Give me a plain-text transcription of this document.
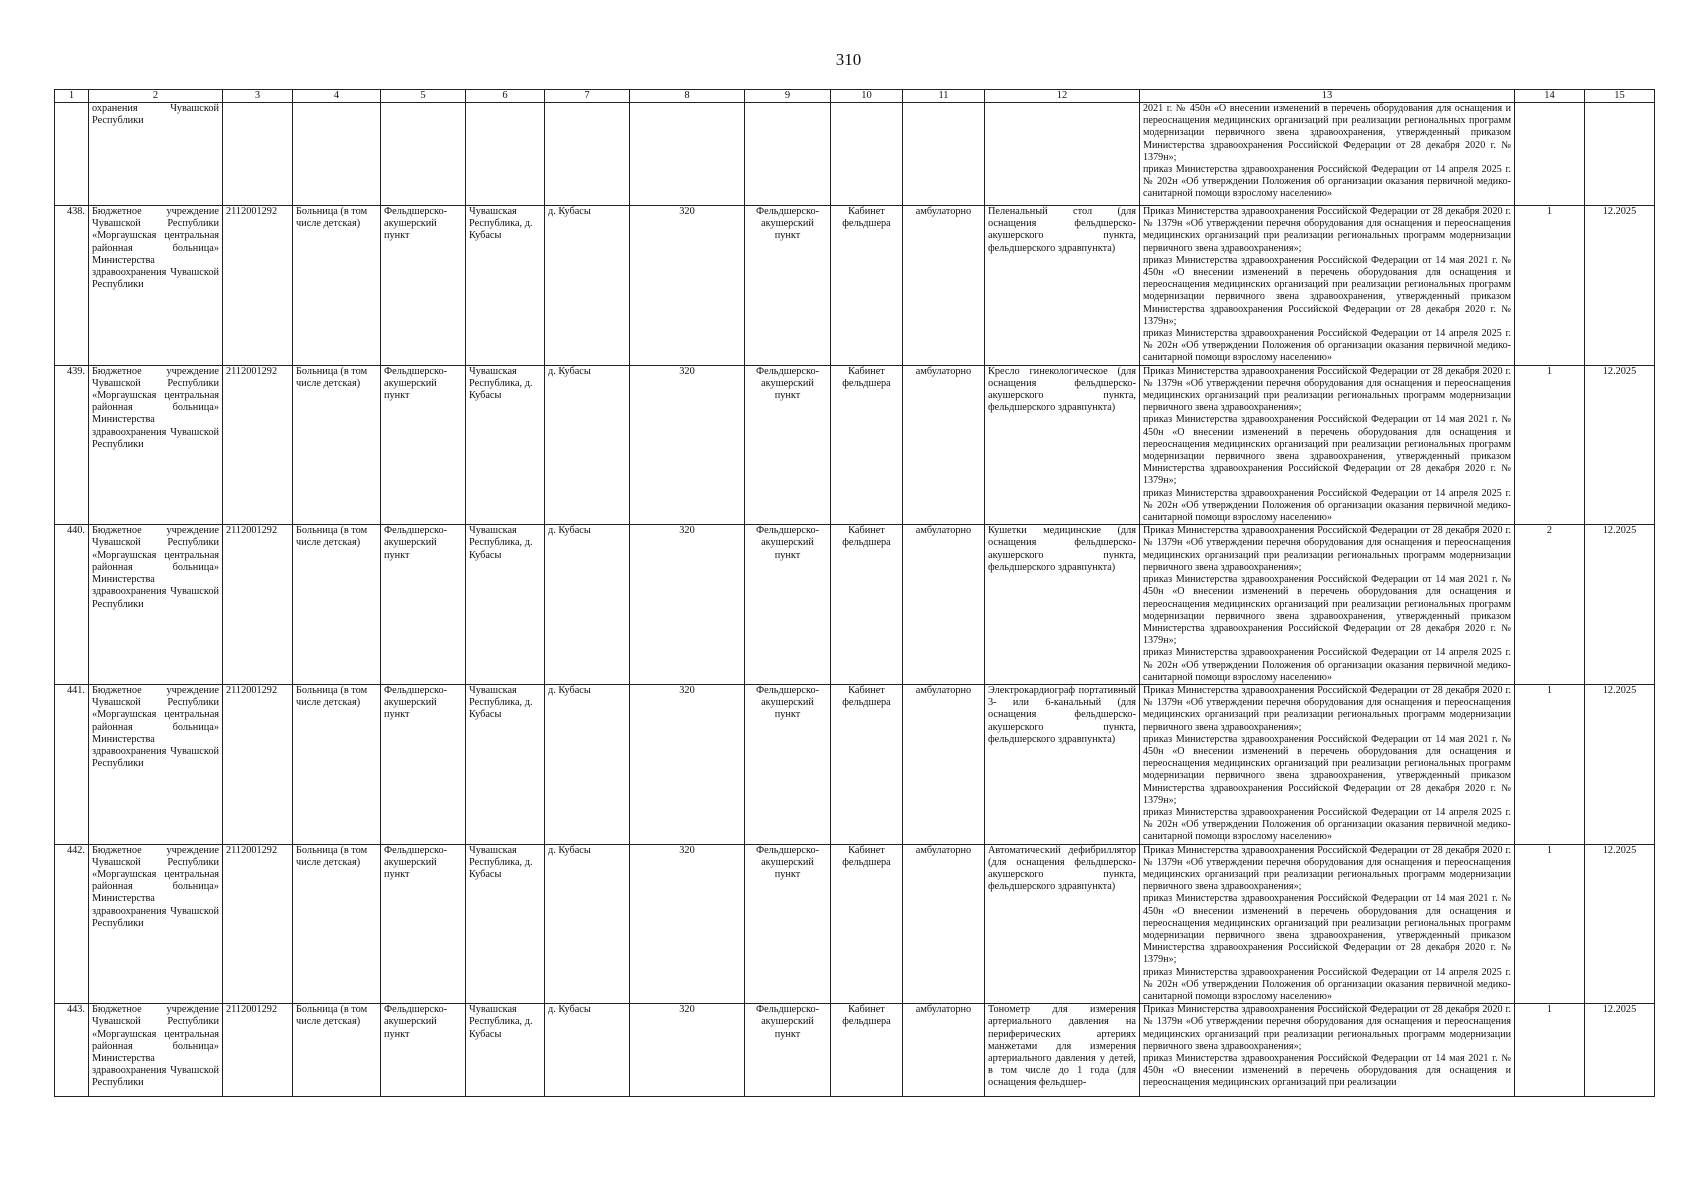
310
1	2	3	4	5	6	7	8	9	10	11	12	13	14	15
	охранения Чувашской Республики											2021 г. № 450н «О внесении изменений в перечень оборудования для оснащения и переоснащения медицинских организаций при реализации региональных программ модернизации первичного звена здравоохранения, утвержденный приказом Министерства здравоохранения Российской Федерации от 28 декабря 2020 г. № 1379н»;
приказ Министерства здравоохранения Российской Федерации от 14 апреля 2025 г. № 202н «Об утверждении Положения об организации оказания первичной медико-санитарной помощи взрослому населению»		

438.	Бюджетное учреждение Чувашской Республики «Моргаушская центральная районная больница» Министерства здравоохранения Чувашской Республики	2112001292	Больница (в том числе детская)	Фельдшерско-акушерский пункт	Чувашская Республика, д. Кубасы	д. Кубасы	320	Фельдшерско-акушерский пункт	Кабинет фельдшера	амбулаторно	Пеленальный стол (для оснащения фельдшерско-акушерского пункта, фельдшерского здравпункта)	Приказ Министерства здравоохранения Российской Федерации от 28 декабря 2020 г. № 1379н «Об утверждении перечня оборудования для оснащения и переоснащения медицинских организаций при реализации региональных программ модернизации первичного звена здравоохранения»;
приказ Министерства здравоохранения Российской Федерации от 14 мая 2021 г. № 450н «О внесении изменений в перечень оборудования для оснащения и переоснащения медицинских организаций при реализации региональных программ модернизации первичного звена здравоохранения, утвержденный приказом Министерства здравоохранения Российской Федерации от 28 декабря 2020 г. № 1379н»;
приказ Министерства здравоохранения Российской Федерации от 14 апреля 2025 г. № 202н «Об утверждении Положения об организации оказания первичной медико-санитарной помощи взрослому населению»	1	12.2025
439.	Бюджетное учреждение Чувашской Республики «Моргаушская центральная районная больница» Министерства здравоохранения Чувашской Республики	2112001292	Больница (в том числе детская)	Фельдшерско-акушерский пункт	Чувашская Республика, д. Кубасы	д. Кубасы	320	Фельдшерско-акушерский пункт	Кабинет фельдшера	амбулаторно	Кресло гинекологическое (для оснащения фельдшерско-акушерского пункта, фельдшерского здравпункта)	Приказ Министерства здравоохранения Российской Федерации от 28 декабря 2020 г. № 1379н «Об утверждении перечня оборудования для оснащения и переоснащения медицинских организаций при реализации региональных программ модернизации первичного звена здравоохранения»;
приказ Министерства здравоохранения Российской Федерации от 14 мая 2021 г. № 450н «О внесении изменений в перечень оборудования для оснащения и переоснащения медицинских организаций при реализации региональных программ модернизации первичного звена здравоохранения, утвержденный приказом Министерства здравоохранения Российской Федерации от 28 декабря 2020 г. № 1379н»;
приказ Министерства здравоохранения Российской Федерации от 14 апреля 2025 г. № 202н «Об утверждении Положения об организации оказания первичной медико-санитарной помощи взрослому населению»	1	12.2025
440.	Бюджетное учреждение Чувашской Республики «Моргаушская центральная районная больница» Министерства здравоохранения Чувашской Республики	2112001292	Больница (в том числе детская)	Фельдшерско-акушерский пункт	Чувашская Республика, д. Кубасы	д. Кубасы	320	Фельдшерско-акушерский пункт	Кабинет фельдшера	амбулаторно	Кушетки медицинские (для оснащения фельдшерско-акушерского пункта, фельдшерского здравпункта)	Приказ Министерства здравоохранения Российской Федерации от 28 декабря 2020 г. № 1379н «Об утверждении перечня оборудования для оснащения и переоснащения медицинских организаций при реализации региональных программ модернизации первичного звена здравоохранения»;
приказ Министерства здравоохранения Российской Федерации от 14 мая 2021 г. № 450н «О внесении изменений в перечень оборудования для оснащения и переоснащения медицинских организаций при реализации региональных программ модернизации первичного звена здравоохранения, утвержденный приказом Министерства здравоохранения Российской Федерации от 28 декабря 2020 г. № 1379н»;
приказ Министерства здравоохранения Российской Федерации от 14 апреля 2025 г. № 202н «Об утверждении Положения об организации оказания первичной медико-санитарной помощи взрослому населению»	2	12.2025
441.	Бюджетное учреждение Чувашской Республики «Моргаушская центральная районная больница» Министерства здравоохранения Чувашской Республики	2112001292	Больница (в том числе детская)	Фельдшерско-акушерский пункт	Чувашская Республика, д. Кубасы	д. Кубасы	320	Фельдшерско-акушерский пункт	Кабинет фельдшера	амбулаторно	Электрокардиограф портативный 3- или 6-канальный (для оснащения фельдшерско-акушерского пункта, фельдшерского здравпункта)	Приказ Министерства здравоохранения Российской Федерации от 28 декабря 2020 г. № 1379н «Об утверждении перечня оборудования для оснащения и переоснащения медицинских организаций при реализации региональных программ модернизации первичного звена здравоохранения»;
приказ Министерства здравоохранения Российской Федерации от 14 мая 2021 г. № 450н «О внесении изменений в перечень оборудования для оснащения и переоснащения медицинских организаций при реализации региональных программ модернизации первичного звена здравоохранения, утвержденный приказом Министерства здравоохранения Российской Федерации от 28 декабря 2020 г. № 1379н»;
приказ Министерства здравоохранения Российской Федерации от 14 апреля 2025 г. № 202н «Об утверждении Положения об организации оказания первичной медико-санитарной помощи взрослому населению»	1	12.2025
442.	Бюджетное учреждение Чувашской Республики «Моргаушская центральная районная больница» Министерства здравоохранения Чувашской Республики	2112001292	Больница (в том числе детская)	Фельдшерско-акушерский пункт	Чувашская Республика, д. Кубасы	д. Кубасы	320	Фельдшерско-акушерский пункт	Кабинет фельдшера	амбулаторно	Автоматический дефибриллятор (для оснащения фельдшерско-акушерского пункта, фельдшерского здравпункта)	Приказ Министерства здравоохранения Российской Федерации от 28 декабря 2020 г. № 1379н «Об утверждении перечня оборудования для оснащения и переоснащения медицинских организаций при реализации региональных программ модернизации первичного звена здравоохранения»;
приказ Министерства здравоохранения Российской Федерации от 14 мая 2021 г. № 450н «О внесении изменений в перечень оборудования для оснащения и переоснащения медицинских организаций при реализации региональных программ модернизации первичного звена здравоохранения, утвержденный приказом Министерства здравоохранения Российской Федерации от 28 декабря 2020 г. № 1379н»;
приказ Министерства здравоохранения Российской Федерации от 14 апреля 2025 г. № 202н «Об утверждении Положения об организации оказания первичной медико-санитарной помощи взрослому населению»	1	12.2025
443.	Бюджетное учреждение Чувашской Республики «Моргаушская центральная районная больница» Министерства здравоохранения Чувашской Республики	2112001292	Больница (в том числе детская)	Фельдшерско-акушерский пункт	Чувашская Республика, д. Кубасы	д. Кубасы	320	Фельдшерско-акушерский пункт	Кабинет фельдшера	амбулаторно	Тонометр для измерения артериального давления на периферических артериях манжетами для измерения артериального давления у детей, в том числе до 1 года (для оснащения фельдшер-	Приказ Министерства здравоохранения Российской Федерации от 28 декабря 2020 г. № 1379н «Об утверждении перечня оборудования для оснащения и переоснащения медицинских организаций при реализации региональных программ модернизации первичного звена здравоохранения»;
приказ Министерства здравоохранения Российской Федерации от 14 мая 2021 г. № 450н «О внесении изменений в перечень оборудования для оснащения и переоснащения медицинских организаций при реализации	1	12.2025
